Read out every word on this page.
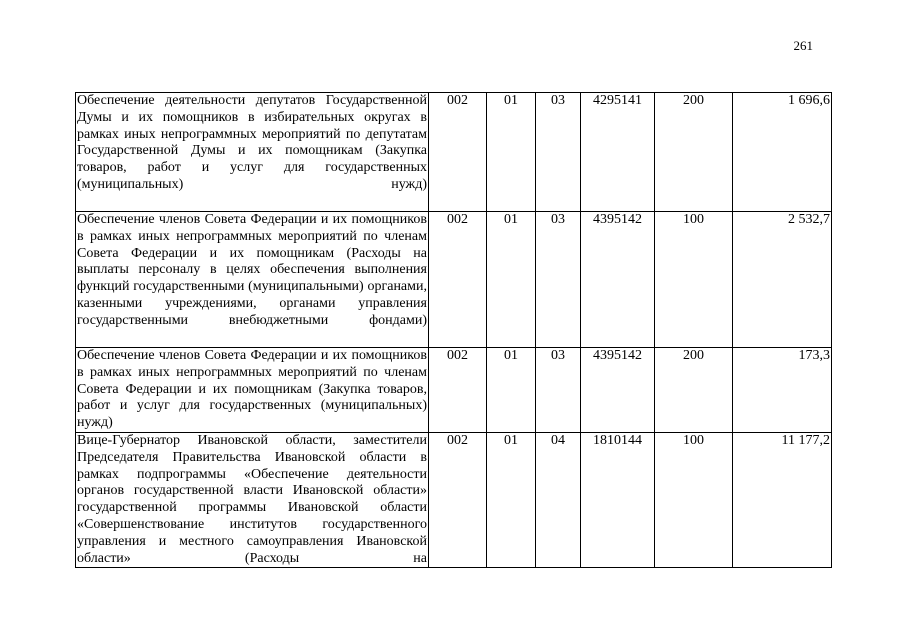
261
Обеспечение деятельности депутатов Государственной Думы и их помощников в избирательных округах в рамках иных непрограммных мероприятий по депутатам Государственной Думы и их помощникам (Закупка товаров, работ и услуг для государственных (муниципальных) нужд)	002	01	03	4295141	200	1 696,6
Обеспечение членов Совета Федерации и их помощников в рамках иных непрограммных мероприятий по членам Совета Федерации и их помощникам (Расходы на выплаты персоналу в целях обеспечения выполнения функций государственными (муниципальными) органами, казенными учреждениями, органами управления государственными внебюджетными фондами)	002	01	03	4395142	100	2 532,7
Обеспечение членов Совета Федерации и их помощников в рамках иных непрограммных мероприятий по членам Совета Федерации и их помощникам (Закупка товаров, работ и услуг для государственных (муниципальных) нужд)	002	01	03	4395142	200	173,3
Вице-Губернатор Ивановской области, заместители Председателя Правительства Ивановской области в рамках подпрограммы «Обеспечение деятельности органов государственной власти Ивановской области» государственной программы Ивановской области «Совершенствование институтов государственного управления и местного самоуправления Ивановской области» (Расходы на	002	01	04	1810144	100	11 177,2
